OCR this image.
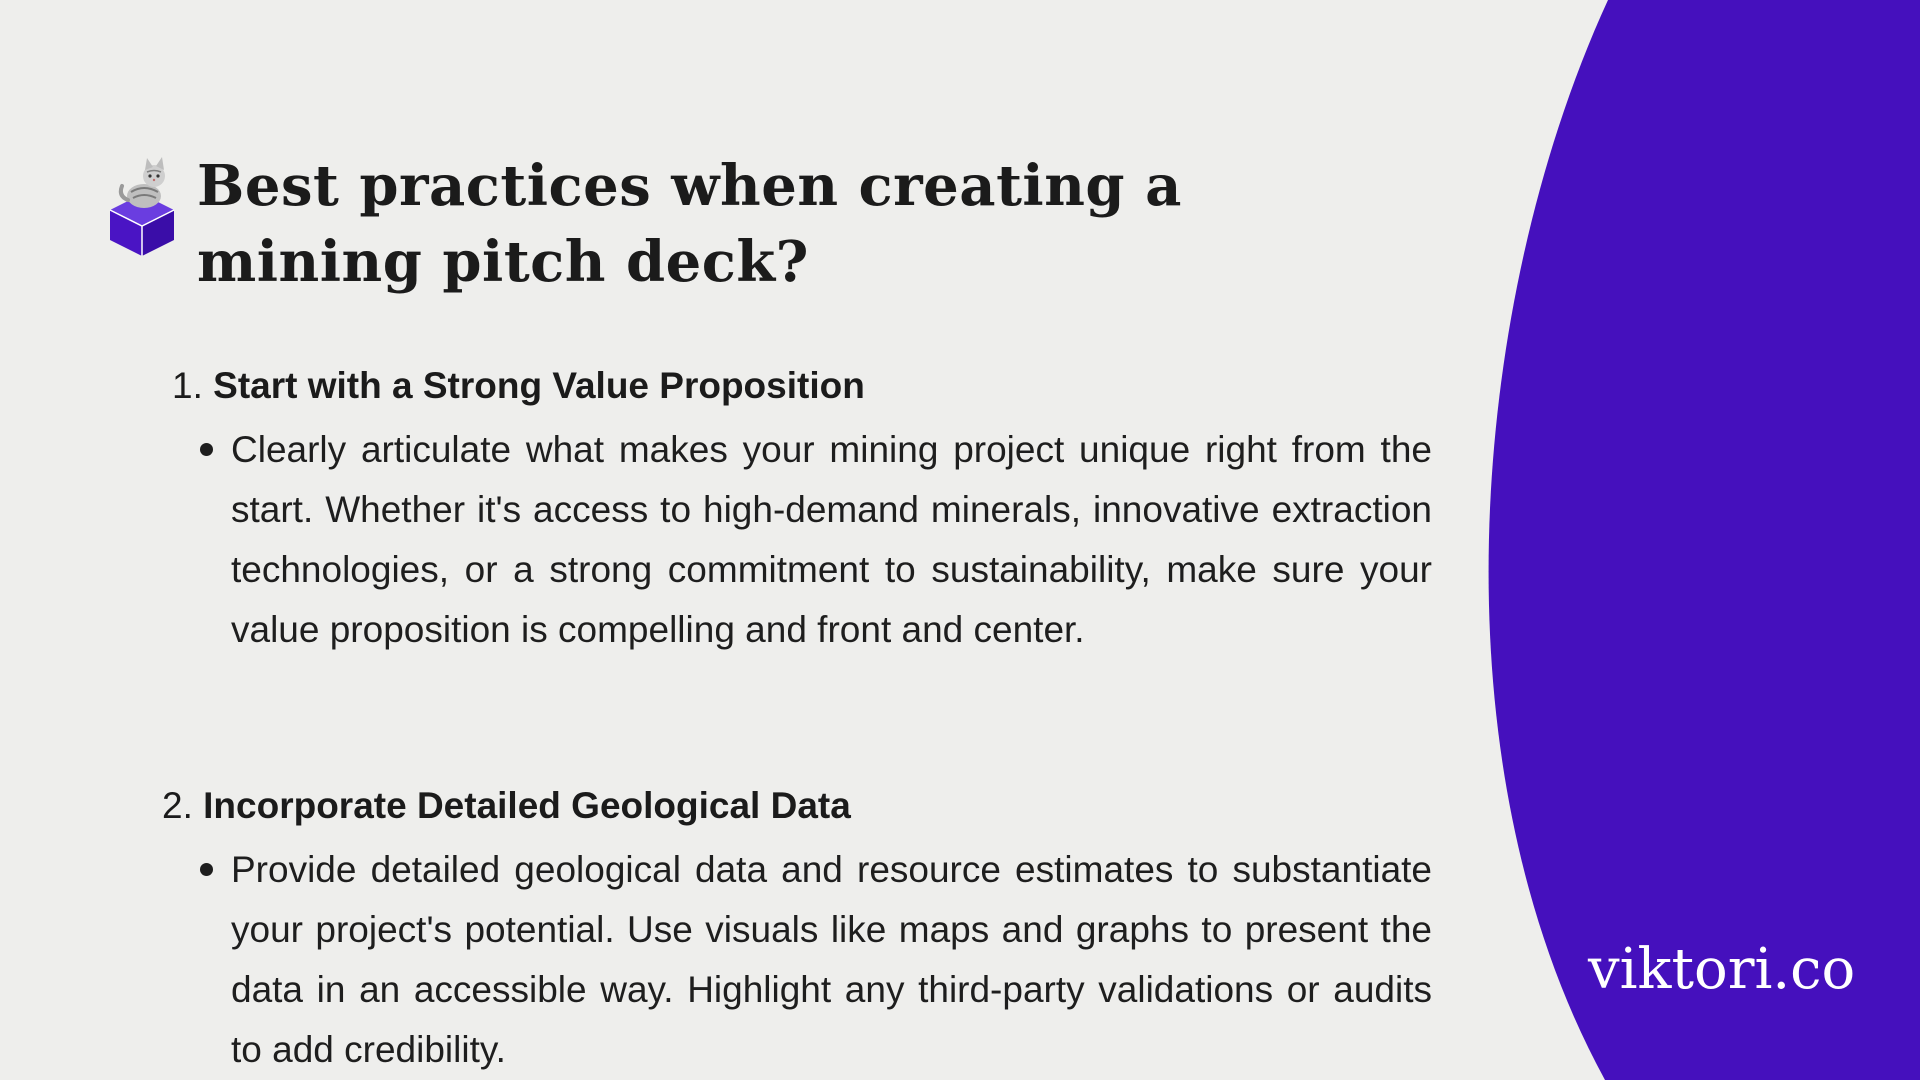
Best practices when creating a
mining pitch deck?
1. Start with a Strong Value Proposition
Clearly articulate what makes your mining project unique right from the start. Whether it's access to high-demand minerals, innovative extraction technologies, or a strong commitment to sustainability, make sure your value proposition is compelling and front and center.
2. Incorporate Detailed Geological Data
Provide detailed geological data and resource estimates to substantiate your project's potential. Use visuals like maps and graphs to present the data in an accessible way. Highlight any third-party validations or audits to add credibility.
viktori.co
